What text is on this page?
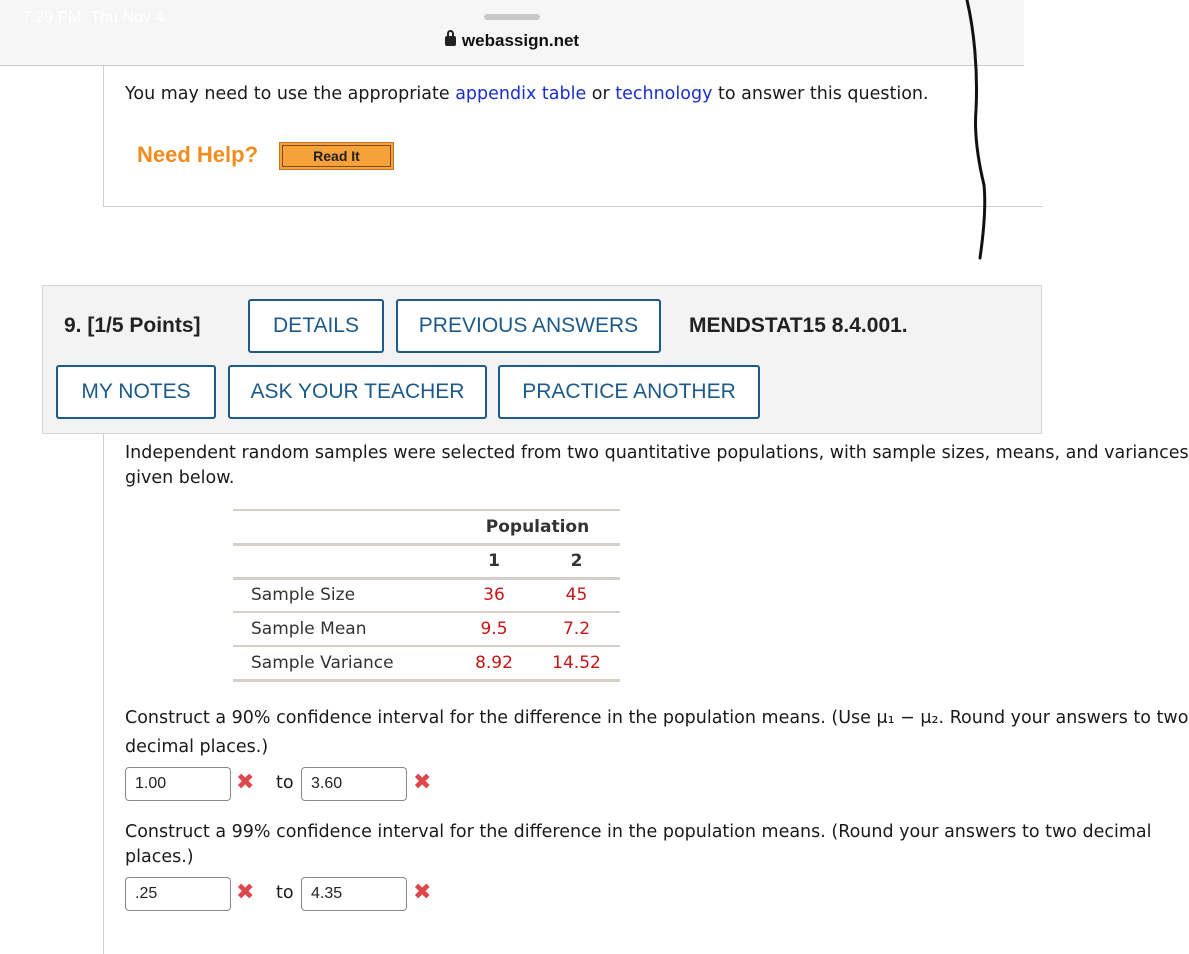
7:39 PM Thu Nov 4
webassign.net
You may need to use the appropriate appendix table or technology to answer this question.
Need Help?	Read It
9. [1/5 Points]	DETAILS	PREVIOUS ANSWERS	MENDSTAT15 8.4.001.
MY NOTES	ASK YOUR TEACHER	PRACTICE ANOTHER
Independent random samples were selected from two quantitative populations, with sample sizes, means, and variances
given below.
	Population	
	1	2
Sample Size	36	45
Sample Mean	9.5	7.2
Sample Variance	8.92	14.52
Construct a 90% confidence interval for the difference in the population means. (Use μ₁ − μ₂. Round your answers to two
decimal places.)
1.00	✖ to	3.60	✖
Construct a 99% confidence interval for the difference in the population means. (Round your answers to two decimal
places.)
.25	✖ to	4.35	✖
